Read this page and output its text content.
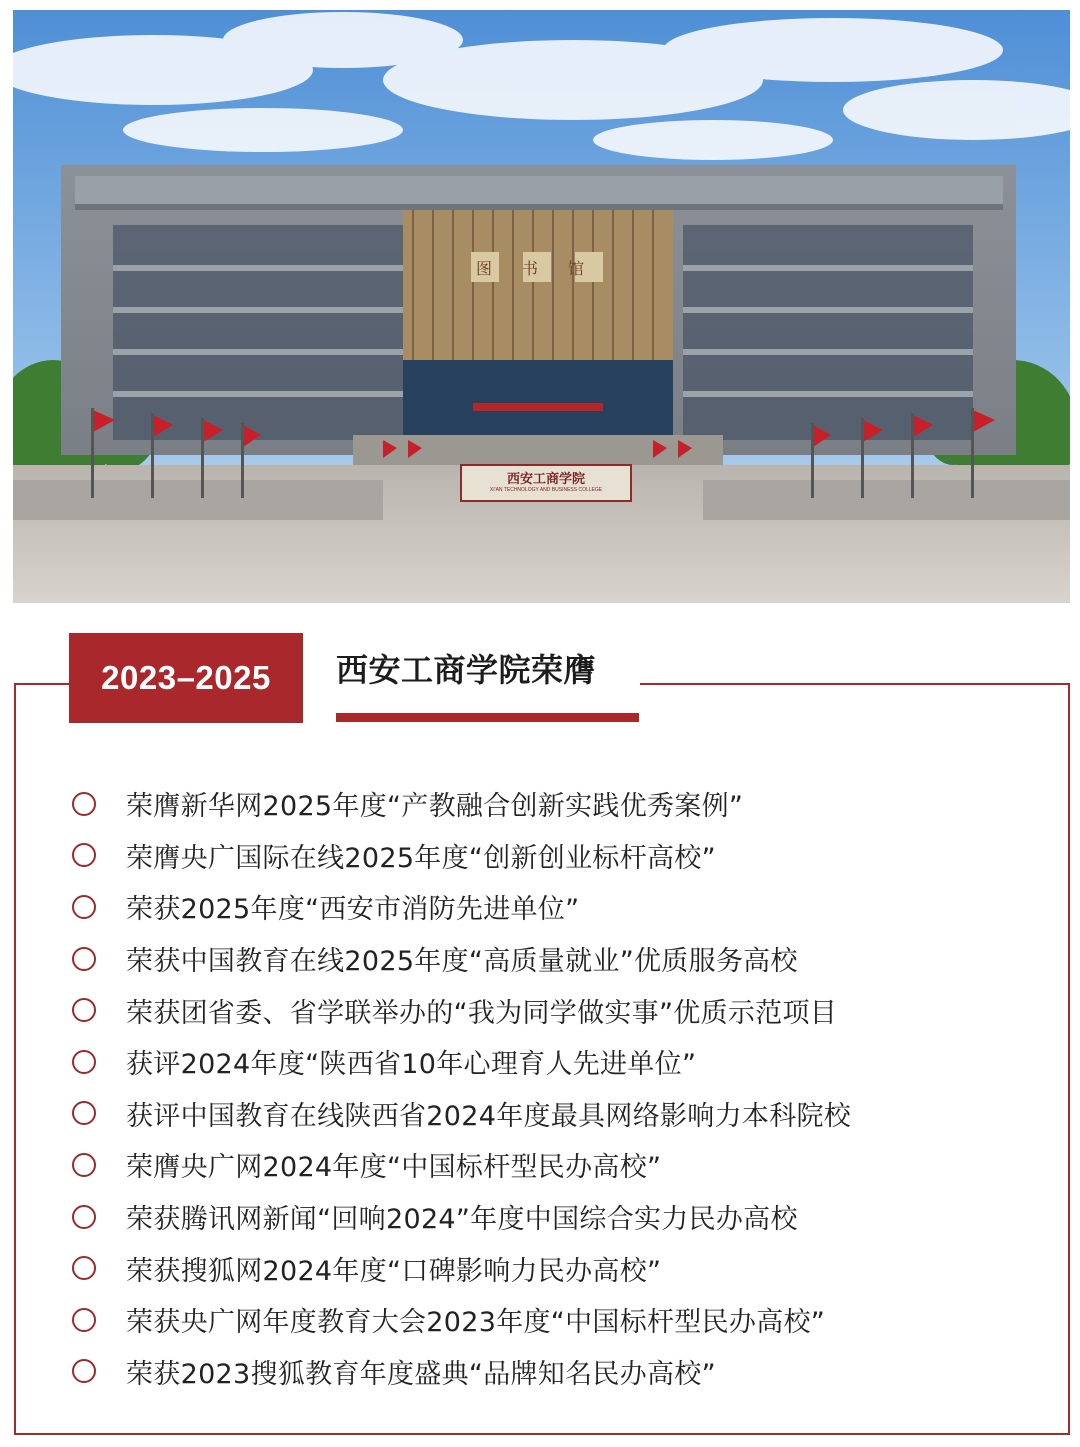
西安工商学院
XI'AN TECHNOLOGY AND BUSINESS COLLEGE
图书馆
2023–2025	西安工商学院荣膺
荣膺新华网2025年度“产教融合创新实践优秀案例”
荣膺央广国际在线2025年度“创新创业标杆高校”
荣获2025年度“西安市消防先进单位”
荣获中国教育在线2025年度“高质量就业”优质服务高校
荣获团省委、省学联举办的“我为同学做实事”优质示范项目
获评2024年度“陕西省10年心理育人先进单位”
获评中国教育在线陕西省2024年度最具网络影响力本科院校
荣膺央广网2024年度“中国标杆型民办高校”
荣获腾讯网新闻“回响2024”年度中国综合实力民办高校
荣获搜狐网2024年度“口碑影响力民办高校”
荣获央广网年度教育大会2023年度“中国标杆型民办高校”
荣获2023搜狐教育年度盛典“品牌知名民办高校”
